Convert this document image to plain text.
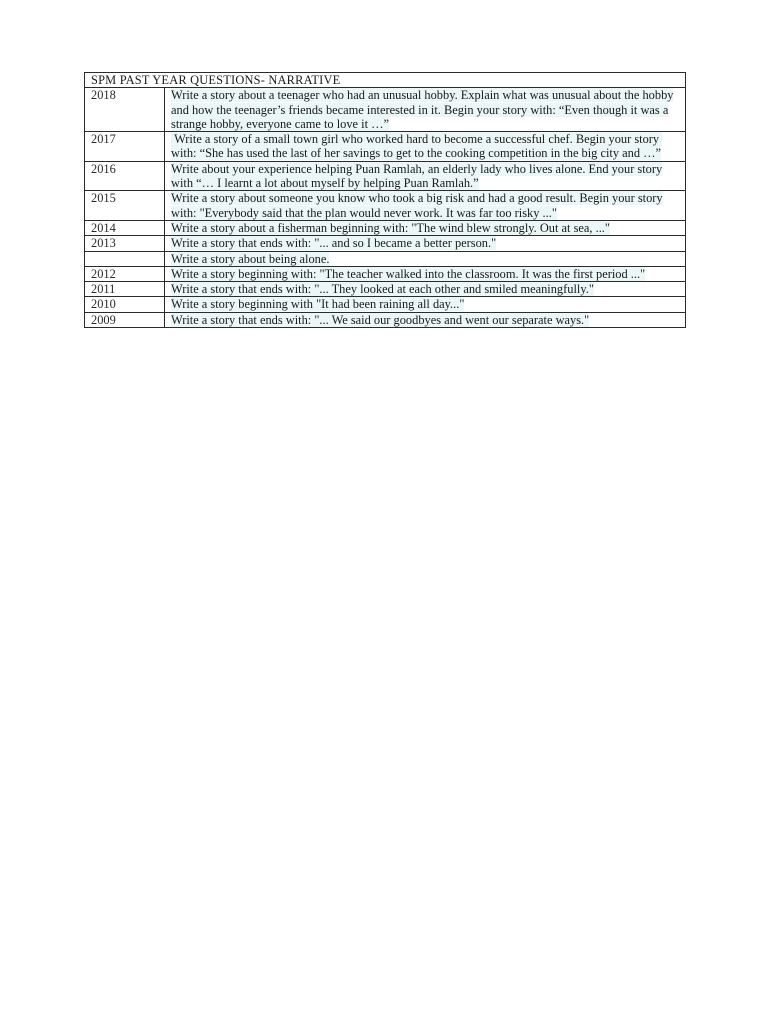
SPM PAST YEAR QUESTIONS- NARRATIVE	
2018	Write a story about a teenager who had an unusual hobby. Explain what was unusual about the hobby and how the teenager’s friends became interested in it. Begin your story with: “Even though it was a strange hobby, everyone came to love it …”
2017	Write a story of a small town girl who worked hard to become a successful chef. Begin your story with: “She has used the last of her savings to get to the cooking competition in the big city and …”
2016	Write about your experience helping Puan Ramlah, an elderly lady who lives alone. End your story with “… I learnt a lot about myself by helping Puan Ramlah.”
2015	Write a story about someone you know who took a big risk and had a good result. Begin your story with: "Everybody said that the plan would never work. It was far too risky ..."
2014	Write a story about a fisherman beginning with: "The wind blew strongly. Out at sea, ..."
2013	Write a story that ends with: "... and so I became a better person."
	Write a story about being alone.
2012	Write a story beginning with: "The teacher walked into the classroom. It was the first period ..."
2011	Write a story that ends with: "... They looked at each other and smiled meaningfully."
2010	Write a story beginning with "It had been raining all day..."
2009	Write a story that ends with: "... We said our goodbyes and went our separate ways."
